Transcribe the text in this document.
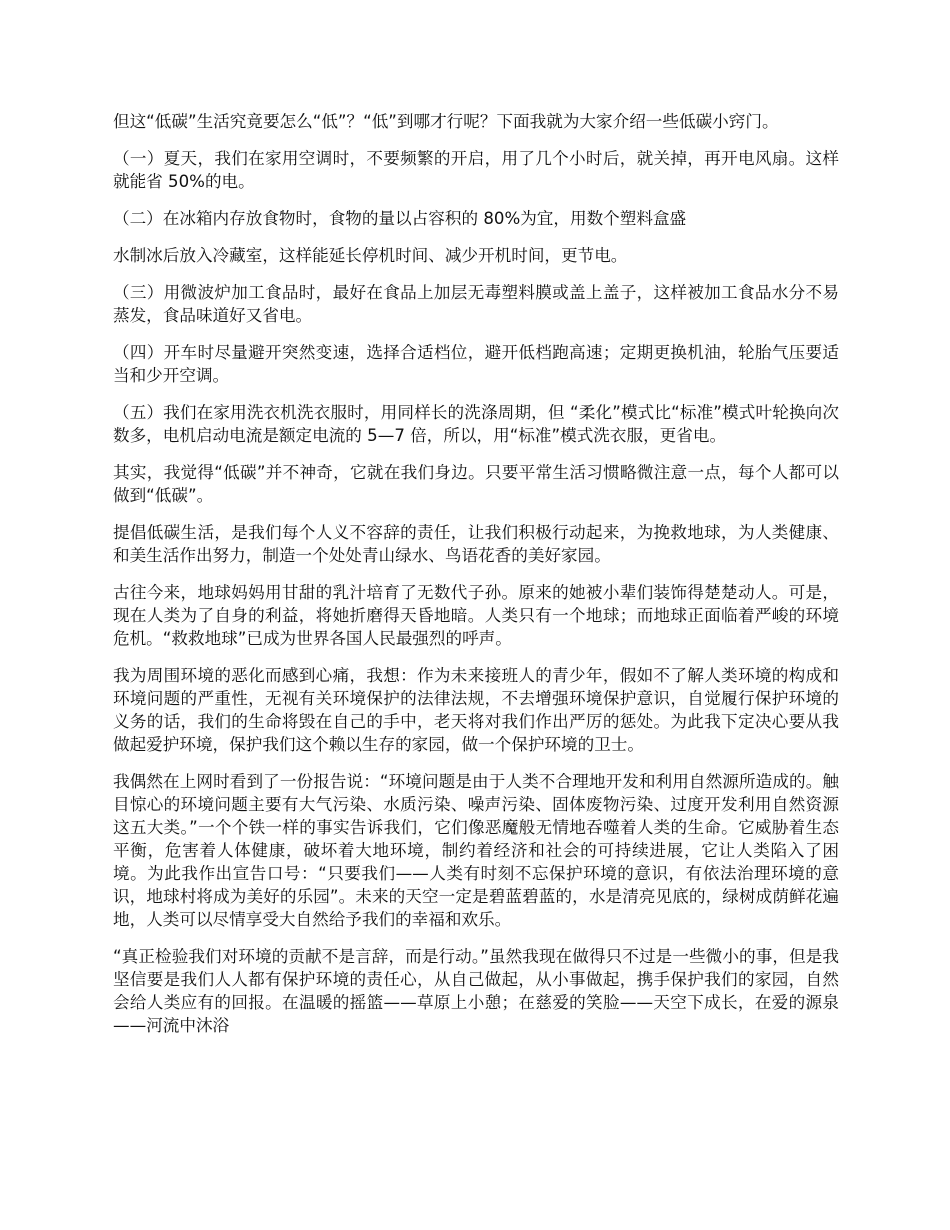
但这“低碳”生活究竟要怎么“低”？“低”到哪才行呢？下面我就为大家介绍一些低碳小窍门。

（一）夏天，我们在家用空调时，不要频繁的开启，用了几个小时后，就关掉，再开电风扇。这样就能省 50%的电。

（二）在冰箱内存放食物时，食物的量以占容积的 80%为宜，用数个塑料盒盛

水制冰后放入冷藏室，这样能延长停机时间、减少开机时间，更节电。

（三）用微波炉加工食品时，最好在食品上加层无毒塑料膜或盖上盖子，这样被加工食品水分不易蒸发，食品味道好又省电。

（四）开车时尽量避开突然变速，选择合适档位，避开低档跑高速；定期更换机油，轮胎气压要适当和少开空调。

（五）我们在家用洗衣机洗衣服时，用同样长的洗涤周期，但 “柔化”模式比“标准”模式叶轮换向次数多，电机启动电流是额定电流的 5—7 倍，所以，用“标准”模式洗衣服，更省电。

其实，我觉得“低碳”并不神奇，它就在我们身边。只要平常生活习惯略微注意一点，每个人都可以做到“低碳”。

提倡低碳生活，是我们每个人义不容辞的责任，让我们积极行动起来，为挽救地球，为人类健康、和美生活作出努力，制造一个处处青山绿水、鸟语花香的美好家园。

古往今来，地球妈妈用甘甜的乳汁培育了无数代子孙。原来的她被小辈们装饰得楚楚动人。可是，现在人类为了自身的利益，将她折磨得天昏地暗。人类只有一个地球；而地球正面临着严峻的环境危机。“救救地球”已成为世界各国人民最强烈的呼声。

我为周围环境的恶化而感到心痛，我想：作为未来接班人的青少年，假如不了解人类环境的构成和环境问题的严重性，无视有关环境保护的法律法规，不去增强环境保护意识，自觉履行保护环境的义务的话，我们的生命将毁在自己的手中，老天将对我们作出严厉的惩处。为此我下定决心要从我做起爱护环境，保护我们这个赖以生存的家园，做一个保护环境的卫士。

我偶然在上网时看到了一份报告说：“环境问题是由于人类不合理地开发和利用自然源所造成的。触目惊心的环境问题主要有大气污染、水质污染、噪声污染、固体废物污染、过度开发利用自然资源这五大类。”一个个铁一样的事实告诉我们，它们像恶魔般无情地吞噬着人类的生命。它威胁着生态平衡，危害着人体健康，破坏着大地环境，制约着经济和社会的可持续进展，它让人类陷入了困境。为此我作出宣告口号：“只要我们——人类有时刻不忘保护环境的意识，有依法治理环境的意识，地球村将成为美好的乐园”。未来的天空一定是碧蓝碧蓝的，水是清亮见底的，绿树成荫鲜花遍地，人类可以尽情享受大自然给予我们的幸福和欢乐。

“真正检验我们对环境的贡献不是言辞，而是行动。”虽然我现在做得只不过是一些微小的事，但是我坚信要是我们人人都有保护环境的责任心，从自己做起，从小事做起，携手保护我们的家园，自然会给人类应有的回报。在温暖的摇篮——草原上小憩；在慈爱的笑脸——天空下成长，在爱的源泉——河流中沐浴
